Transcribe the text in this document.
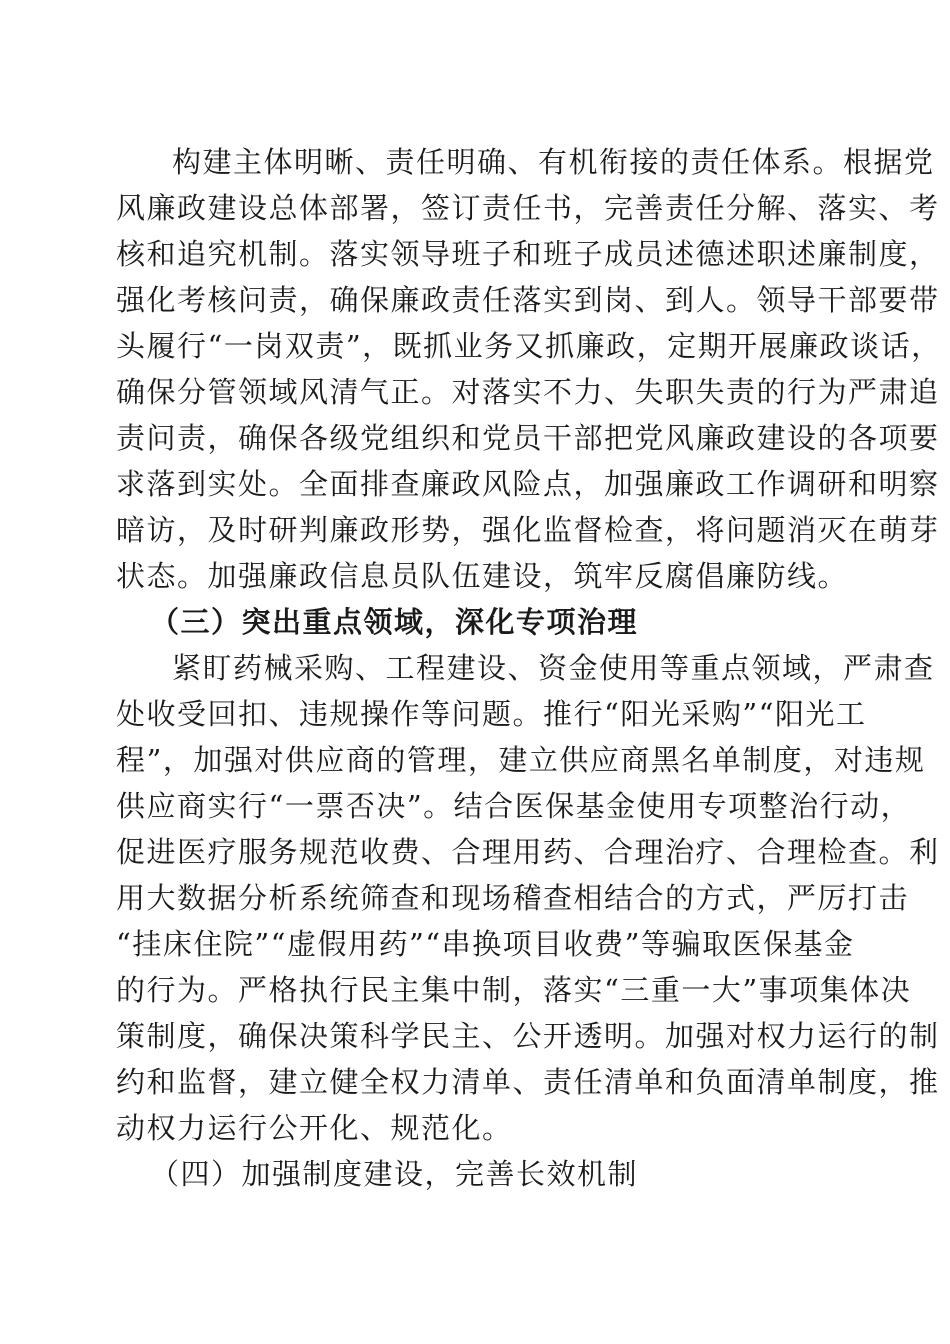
构建主体明晰、责任明确、有机衔接的责任体系。根据党
风廉政建设总体部署，签订责任书，完善责任分解、落实、考
核和追究机制。落实领导班子和班子成员述德述职述廉制度，
强化考核问责，确保廉政责任落实到岗、到人。领导干部要带
头履行“一岗双责”，既抓业务又抓廉政，定期开展廉政谈话，
确保分管领域风清气正。对落实不力、失职失责的行为严肃追
责问责，确保各级党组织和党员干部把党风廉政建设的各项要
求落到实处。全面排查廉政风险点，加强廉政工作调研和明察
暗访，及时研判廉政形势，强化监督检查，将问题消灭在萌芽
状态。加强廉政信息员队伍建设，筑牢反腐倡廉防线。
（三）突出重点领域，深化专项治理
紧盯药械采购、工程建设、资金使用等重点领域，严肃查
处收受回扣、违规操作等问题。推行“阳光采购”“阳光工
程”，加强对供应商的管理，建立供应商黑名单制度，对违规
供应商实行“一票否决”。结合医保基金使用专项整治行动，
促进医疗服务规范收费、合理用药、合理治疗、合理检查。利
用大数据分析系统筛查和现场稽查相结合的方式，严厉打击
“挂床住院”“虚假用药”“串换项目收费”等骗取医保基金
的行为。严格执行民主集中制，落实“三重一大”事项集体决
策制度，确保决策科学民主、公开透明。加强对权力运行的制
约和监督，建立健全权力清单、责任清单和负面清单制度，推
动权力运行公开化、规范化。
（四）加强制度建设，完善长效机制
